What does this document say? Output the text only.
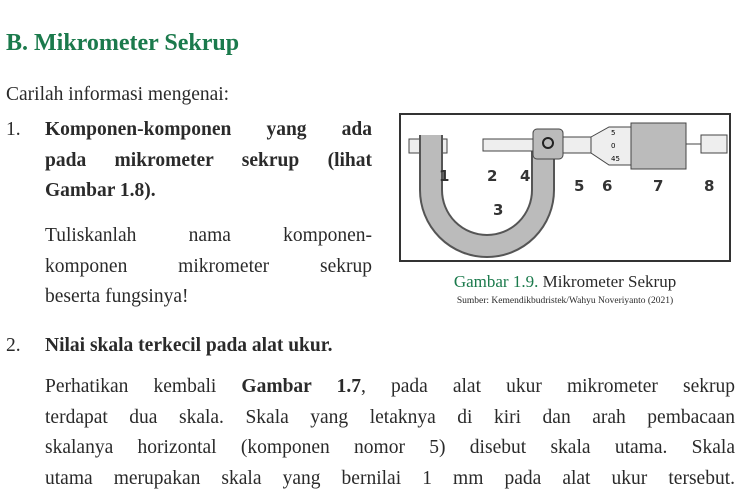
B. Mikrometer Sekrup

Carilah informasi mengenai:

1. Komponen-komponen yang ada
pada mikrometer sekrup (lihat
Gambar 1.8).
Tuliskanlah nama komponen-
komponen mikrometer sekrup
beserta fungsinya!
5
0
45
1	2
3
4
5 6	7	8
Gambar 1.9. Mikrometer Sekrup
Sumber: Kemendikbudristek/Wahyu Noveriyanto (2021)
2. Nilai skala terkecil pada alat ukur.
Perhatikan kembali Gambar 1.7, pada alat ukur mikrometer sekrup
terdapat dua skala. Skala yang letaknya di kiri dan arah pembacaan
skalanya horizontal (komponen nomor 5) disebut skala utama. Skala
utama merupakan skala yang bernilai 1 mm pada alat ukur tersebut.
